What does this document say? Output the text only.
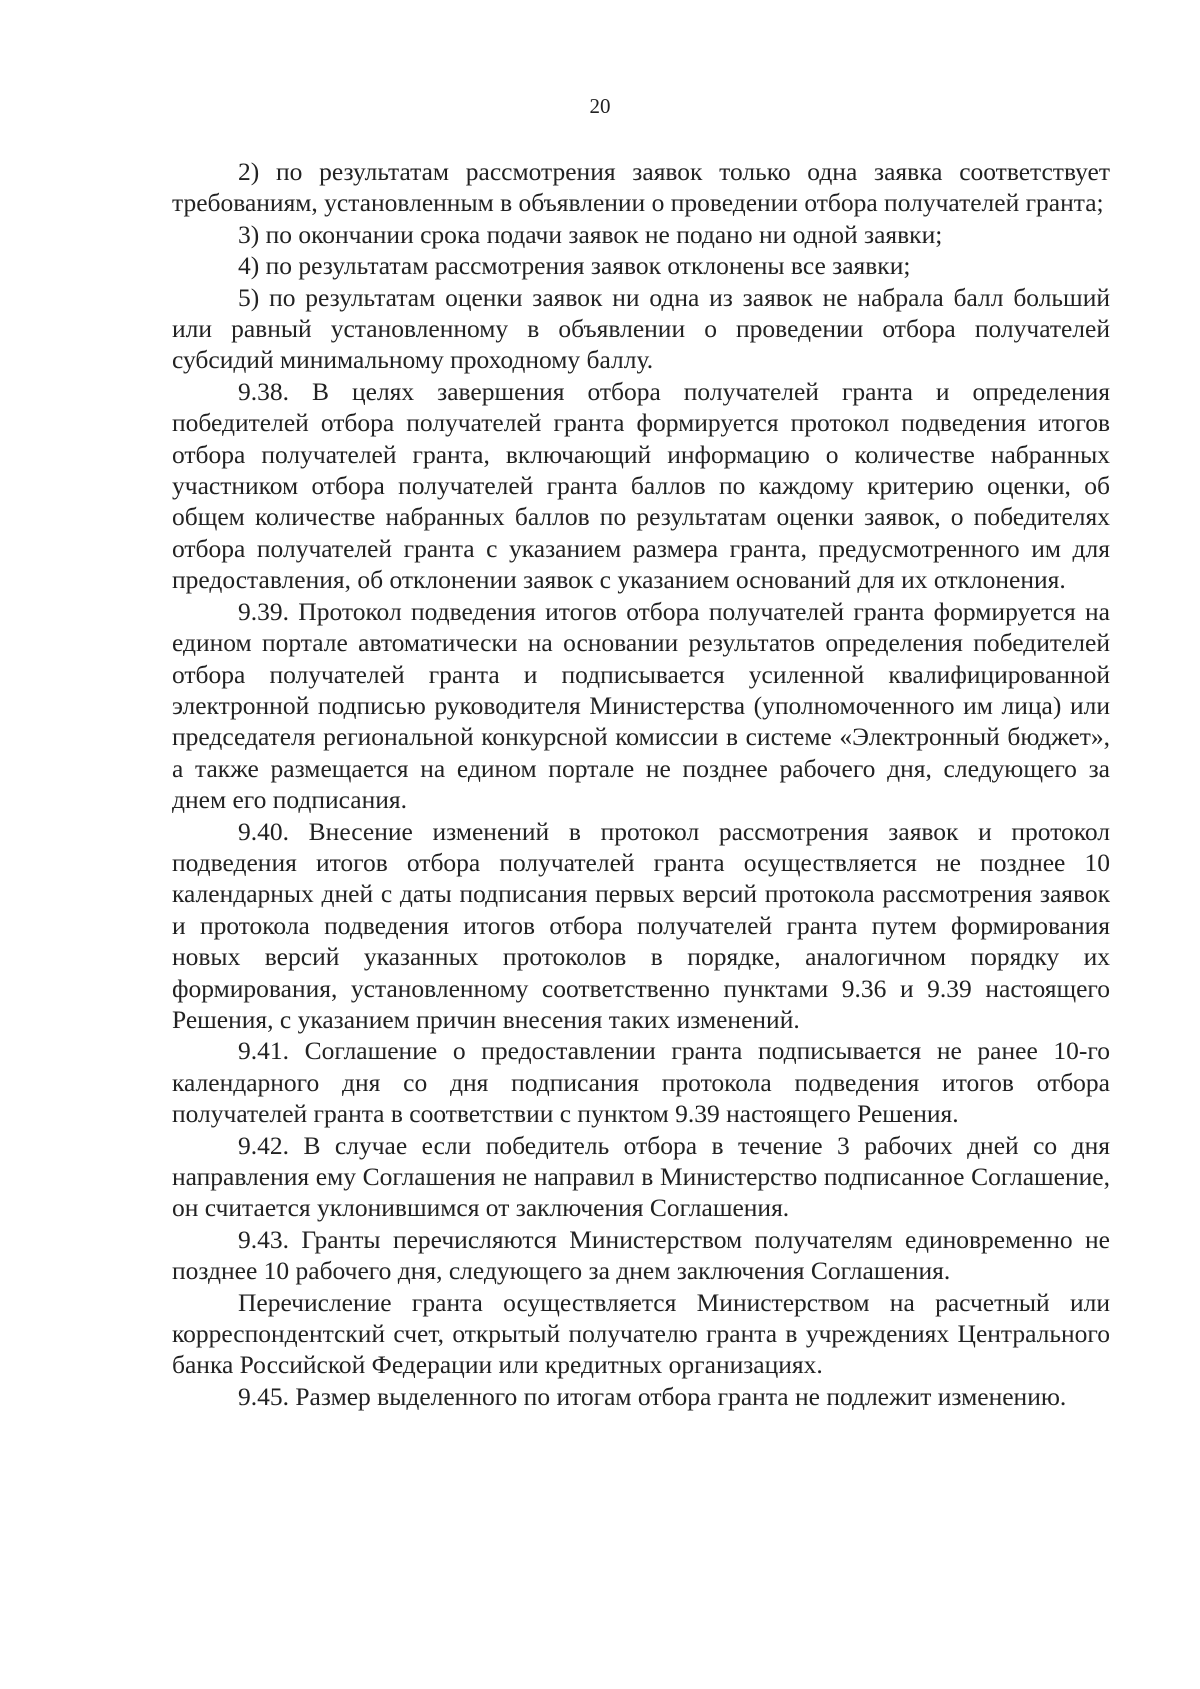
20

2) по результатам рассмотрения заявок только одна заявка соответствует требованиям, установленным в объявлении о проведении отбора получателей гранта;

3) по окончании срока подачи заявок не подано ни одной заявки;

4) по результатам рассмотрения заявок отклонены все заявки;

5) по результатам оценки заявок ни одна из заявок не набрала балл больший или равный установленному в объявлении о проведении отбора получателей субсидий минимальному проходному баллу.

9.38. В целях завершения отбора получателей гранта и определения победителей отбора получателей гранта формируется протокол подведения итогов отбора получателей гранта, включающий информацию о количестве набранных участником отбора получателей гранта баллов по каждому критерию оценки, об общем количестве набранных баллов по результатам оценки заявок, о победителях отбора получателей гранта с указанием размера гранта, предусмотренного им для предоставления, об отклонении заявок с указанием оснований для их отклонения.

9.39. Протокол подведения итогов отбора получателей гранта формируется на едином портале автоматически на основании результатов определения победителей отбора получателей гранта и подписывается усиленной квалифицированной электронной подписью руководителя Министерства (уполномоченного им лица) или председателя региональной конкурсной комиссии в системе «Электронный бюджет», а также размещается на едином портале не позднее рабочего дня, следующего за днем его подписания.

9.40. Внесение изменений в протокол рассмотрения заявок и протокол подведения итогов отбора получателей гранта осуществляется не позднее 10 календарных дней с даты подписания первых версий протокола рассмотрения заявок и протокола подведения итогов отбора получателей гранта путем формирования новых версий указанных протоколов в порядке, аналогичном порядку их формирования, установленному соответственно пунктами 9.36 и 9.39 настоящего Решения, с указанием причин внесения таких изменений.

9.41. Соглашение о предоставлении гранта подписывается не ранее 10-го календарного дня со дня подписания протокола подведения итогов отбора получателей гранта в соответствии с пунктом 9.39 настоящего Решения.

9.42. В случае если победитель отбора в течение 3 рабочих дней со дня направления ему Соглашения не направил в Министерство подписанное Соглашение, он считается уклонившимся от заключения Соглашения.

9.43. Гранты перечисляются Министерством получателям единовременно не позднее 10 рабочего дня, следующего за днем заключения Соглашения.

Перечисление гранта осуществляется Министерством на расчетный или корреспондентский счет, открытый получателю гранта в учреждениях Центрального банка Российской Федерации или кредитных организациях.

9.45. Размер выделенного по итогам отбора гранта не подлежит изменению.
